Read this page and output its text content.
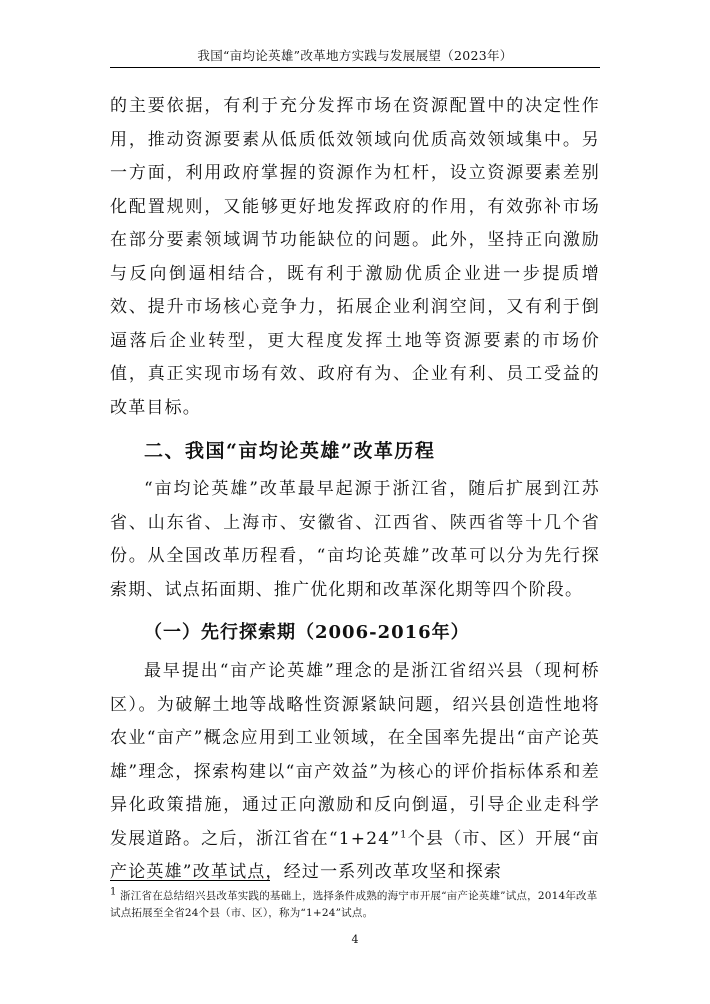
我国“亩均论英雄”改革地方实践与发展展望（2023年）

的主要依据，有利于充分发挥市场在资源配置中的决定性作用，推动资源要素从低质低效领域向优质高效领域集中。另一方面，利用政府掌握的资源作为杠杆，设立资源要素差别化配置规则，又能够更好地发挥政府的作用，有效弥补市场在部分要素领域调节功能缺位的问题。此外，坚持正向激励与反向倒逼相结合，既有利于激励优质企业进一步提质增效、提升市场核心竞争力，拓展企业利润空间，又有利于倒逼落后企业转型，更大程度发挥土地等资源要素的市场价值，真正实现市场有效、政府有为、企业有利、员工受益的改革目标。

二、我国“亩均论英雄”改革历程

“亩均论英雄”改革最早起源于浙江省，随后扩展到江苏省、山东省、上海市、安徽省、江西省、陕西省等十几个省份。从全国改革历程看，“亩均论英雄”改革可以分为先行探索期、试点拓面期、推广优化期和改革深化期等四个阶段。

（一）先行探索期（2006-2016年）

最早提出“亩产论英雄”理念的是浙江省绍兴县（现柯桥区）。为破解土地等战略性资源紧缺问题，绍兴县创造性地将农业“亩产”概念应用到工业领域，在全国率先提出“亩产论英雄”理念，探索构建以“亩产效益”为核心的评价指标体系和差异化政策措施，通过正向激励和反向倒逼，引导企业走科学发展道路。之后，浙江省在“1+24”$^1$个县（市、区）开展“亩产论英雄”改革试点，经过一系列改革攻坚和探索

$^1$ 浙江省在总结绍兴县改革实践的基础上，选择条件成熟的海宁市开展“亩产论英雄”试点，2014年改革试点拓展至全省24个县（市、区），称为“1+24”试点。
4
